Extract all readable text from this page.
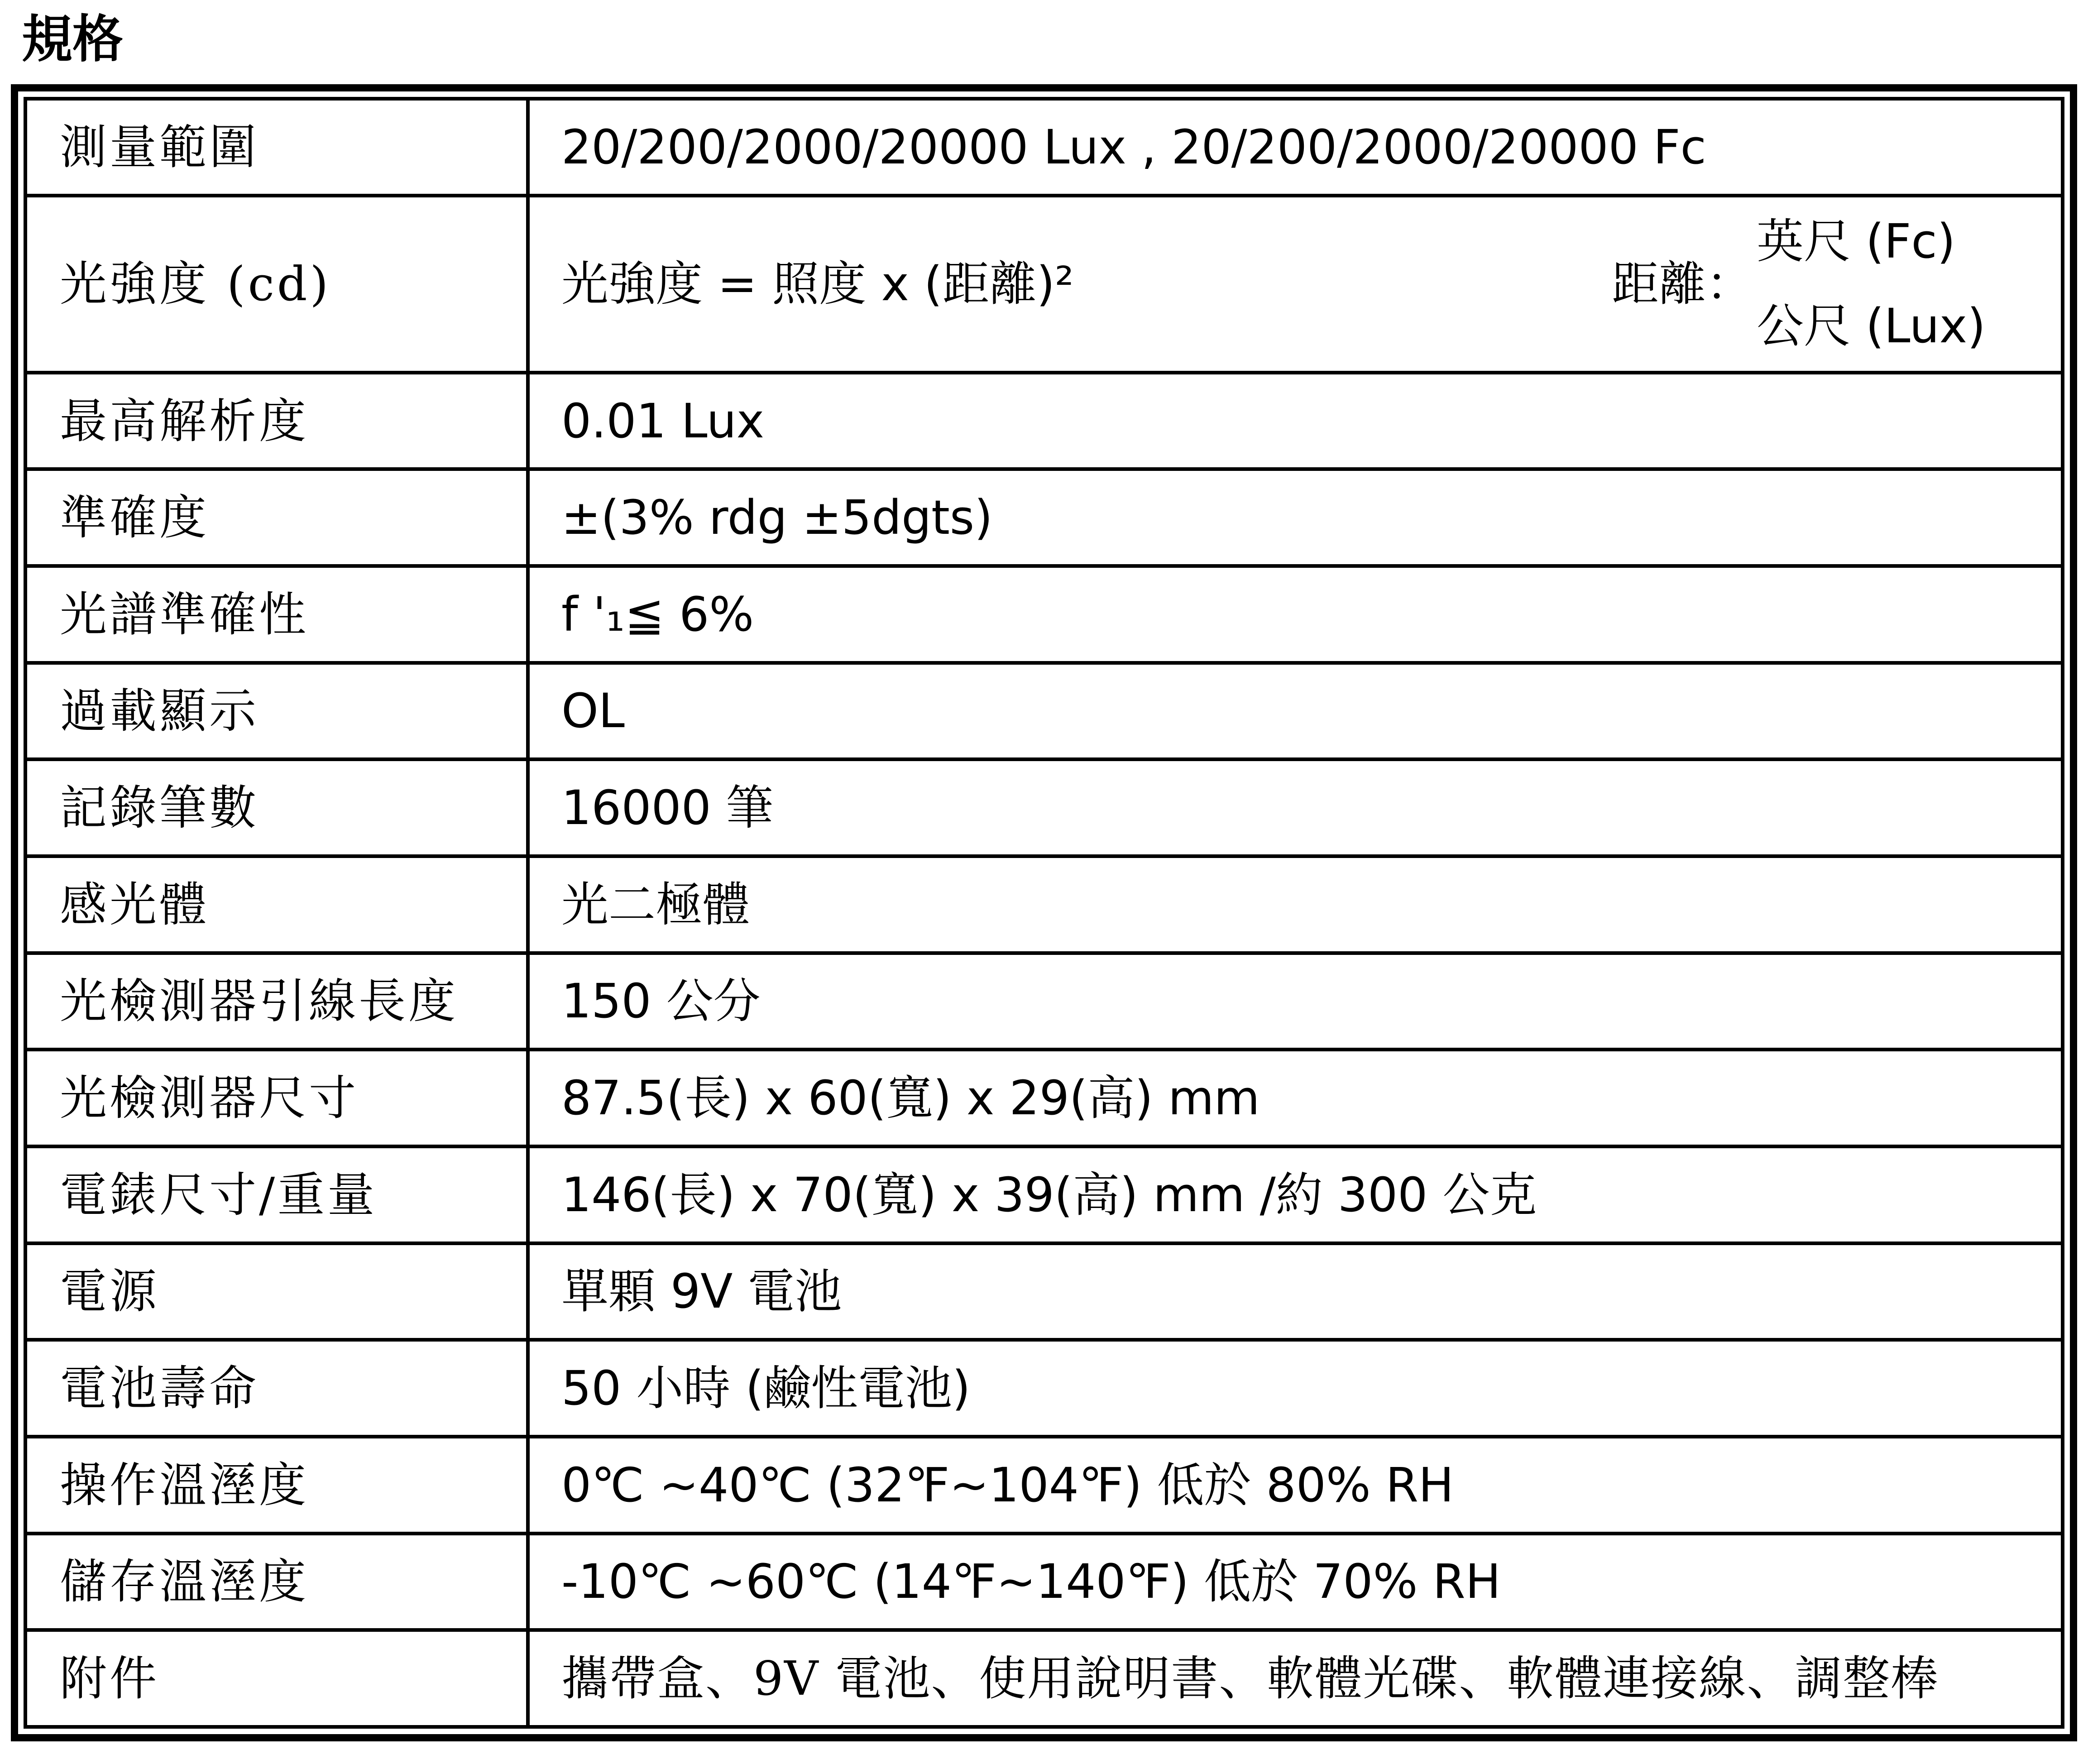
規格
測量範圍	20/200/2000/20000 Lux , 20/200/2000/20000 Fc
光強度 (cd)	光強度 = 照度 x (距離)² 距離：
英尺 (Fc)
公尺 (Lux)

最高解析度	0.01 Lux
準確度	±(3% rdg ±5dgts)
光譜準確性	f '₁≦ 6%
過載顯示	OL
記錄筆數	16000 筆
感光體	光二極體
光檢測器引線長度	150 公分
光檢測器尺寸	87.5(長) x 60(寬) x 29(高) mm
電錶尺寸/重量	146(長) x 70(寬) x 39(高) mm /約 300 公克
電源	單顆 9V 電池
電池壽命	50 小時 (鹼性電池)
操作溫溼度	0℃ ~40℃ (32℉~104℉) 低於 80% RH
儲存溫溼度	-10℃ ~60℃ (14℉~140℉) 低於 70% RH
附件	攜帶盒、9V 電池、使用說明書、軟體光碟、軟體連接線、調整棒
